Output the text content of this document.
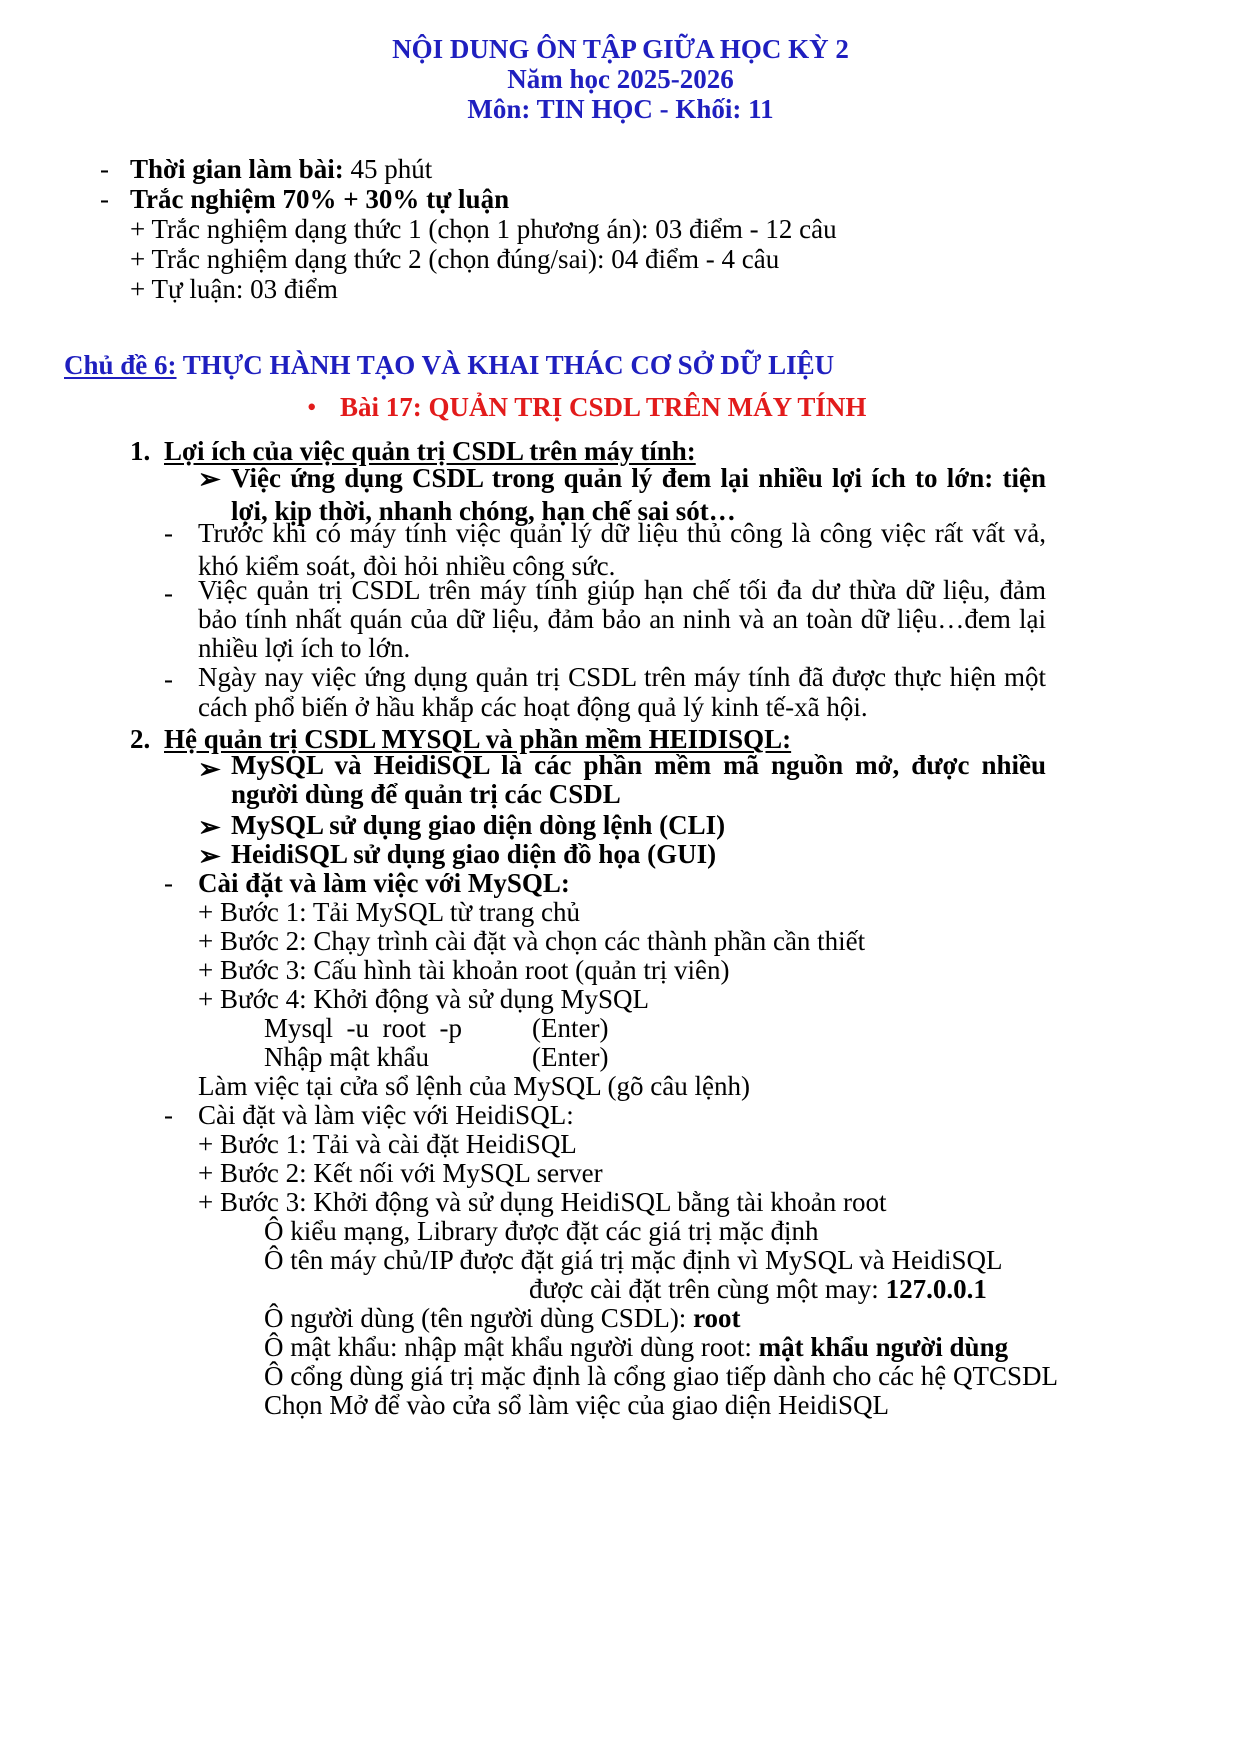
NỘI DUNG ÔN TẬP GIỮA HỌC KỲ 2
Năm học 2025-2026
Môn: TIN HỌC - Khối: 11
- Thời gian làm bài: 45 phút
- Trắc nghiệm 70% + 30% tự luận
+ Trắc nghiệm dạng thức 1 (chọn 1 phương án): 03 điểm - 12 câu
+ Trắc nghiệm dạng thức 2 (chọn đúng/sai): 04 điểm - 4 câu
+ Tự luận: 03 điểm
Chủ đề 6: THỰC HÀNH TẠO VÀ KHAI THÁC CƠ SỞ DỮ LIỆU
• Bài 17: QUẢN TRỊ CSDL TRÊN MÁY TÍNH
1. Lợi ích của việc quản trị CSDL trên máy tính:
➢ Việc ứng dụng CSDL trong quản lý đem lại nhiều lợi ích to lớn: tiện lợi, kịp thời, nhanh chóng, hạn chế sai sót…
- Trước khi có máy tính việc quản lý dữ liệu thủ công là công việc rất vất vả, khó kiểm soát, đòi hỏi nhiều công sức.
- Việc quản trị CSDL trên máy tính giúp hạn chế tối đa dư thừa dữ liệu, đảm bảo tính nhất quán của dữ liệu, đảm bảo an ninh và an toàn dữ liệu…đem lại nhiều lợi ích to lớn.
- Ngày nay việc ứng dụng quản trị CSDL trên máy tính đã được thực hiện một cách phổ biến ở hầu khắp các hoạt động quả lý kinh tế-xã hội.
2. Hệ quản trị CSDL MYSQL và phần mềm HEIDISQL:
➢ MySQL và HeidiSQL là các phần mềm mã nguồn mở, được nhiều người dùng để quản trị các CSDL
➢ MySQL sử dụng giao diện dòng lệnh (CLI)
➢ HeidiSQL sử dụng giao diện đồ họa (GUI)
- Cài đặt và làm việc với MySQL:
+ Bước 1: Tải MySQL từ trang chủ
+ Bước 2: Chạy trình cài đặt và chọn các thành phần cần thiết
+ Bước 3: Cấu hình tài khoản root (quản trị viên)
+ Bước 4: Khởi động và sử dụng MySQL
Mysql  -u  root  -p	(Enter)
Nhập mật khẩu	(Enter)
Làm việc tại cửa sổ lệnh của MySQL (gõ câu lệnh)
- Cài đặt và làm việc với HeidiSQL:
+ Bước 1: Tải và cài đặt HeidiSQL
+ Bước 2: Kết nối với MySQL server
+ Bước 3: Khởi động và sử dụng HeidiSQL bằng tài khoản root
Ô kiểu mạng, Library được đặt các giá trị mặc định
Ô tên máy chủ/IP được đặt giá trị mặc định vì MySQL và HeidiSQL
được cài đặt trên cùng một may: 127.0.0.1
Ô người dùng (tên người dùng CSDL): root
Ô mật khẩu: nhập mật khẩu người dùng root: mật khẩu người dùng
Ô cổng dùng giá trị mặc định là cổng giao tiếp dành cho các hệ QTCSDL
Chọn Mở để vào cửa sổ làm việc của giao diện HeidiSQL
